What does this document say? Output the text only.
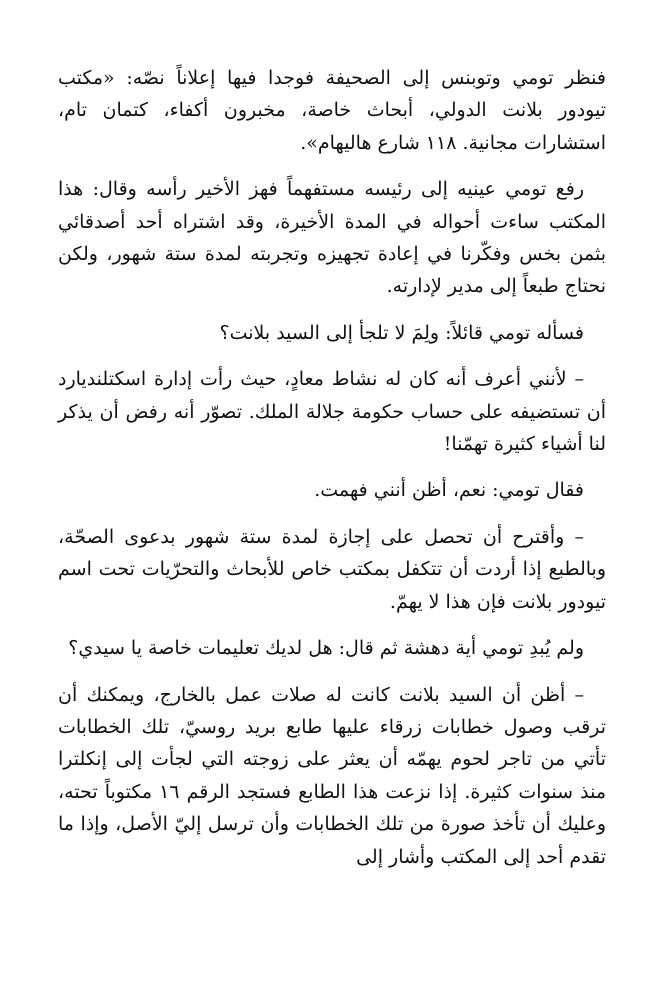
فنظر تومي وتوبنس إلى الصحيفة فوجدا فيها إعلاناً نصّه: «مكتب تيودور بلانت الدولي، أبحاث خاصة، مخبرون أكفاء، كتمان تام، استشارات مجانية. ١١٨ شارع هاليهام».

رفع تومي عينيه إلى رئيسه مستفهماً فهز الأخير رأسه وقال: هذا المكتب ساءت أحواله في المدة الأخيرة، وقد اشتراه أحد أصدقائي بثمن بخس وفكّرنا في إعادة تجهيزه وتجربته لمدة ستة شهور، ولكن نحتاج طبعاً إلى مدير لإدارته.

فسأله تومي قائلاً: ولِمَ لا تلجأ إلى السيد بلانت؟

– لأنني أعرف أنه كان له نشاط معادٍ، حيث رأت إدارة اسكتلنديارد أن تستضيفه على حساب حكومة جلالة الملك. تصوّر أنه رفض أن يذكر لنا أشياء كثيرة تهمّنا!

فقال تومي: نعم، أظن أنني فهمت.

– وأقترح أن تحصل على إجازة لمدة ستة شهور بدعوى الصحّة، وبالطبع إذا أردت أن تتكفل بمكتب خاص للأبحاث والتحرّيات تحت اسم تيودور بلانت فإن هذا لا يهمّ.

ولم يُبدِ تومي أية دهشة ثم قال: هل لديك تعليمات خاصة يا سيدي؟

– أظن أن السيد بلانت كانت له صلات عمل بالخارج، ويمكنك أن ترقب وصول خطابات زرقاء عليها طابع بريد روسيّ، تلك الخطابات تأتي من تاجر لحوم يهمّه أن يعثر على زوجته التي لجأت إلى إنكلترا منذ سنوات كثيرة. إذا نزعت هذا الطابع فستجد الرقم ١٦ مكتوباً تحته، وعليك أن تأخذ صورة من تلك الخطابات وأن ترسل إليّ الأصل، وإذا ما تقدم أحد إلى المكتب وأشار إلى
